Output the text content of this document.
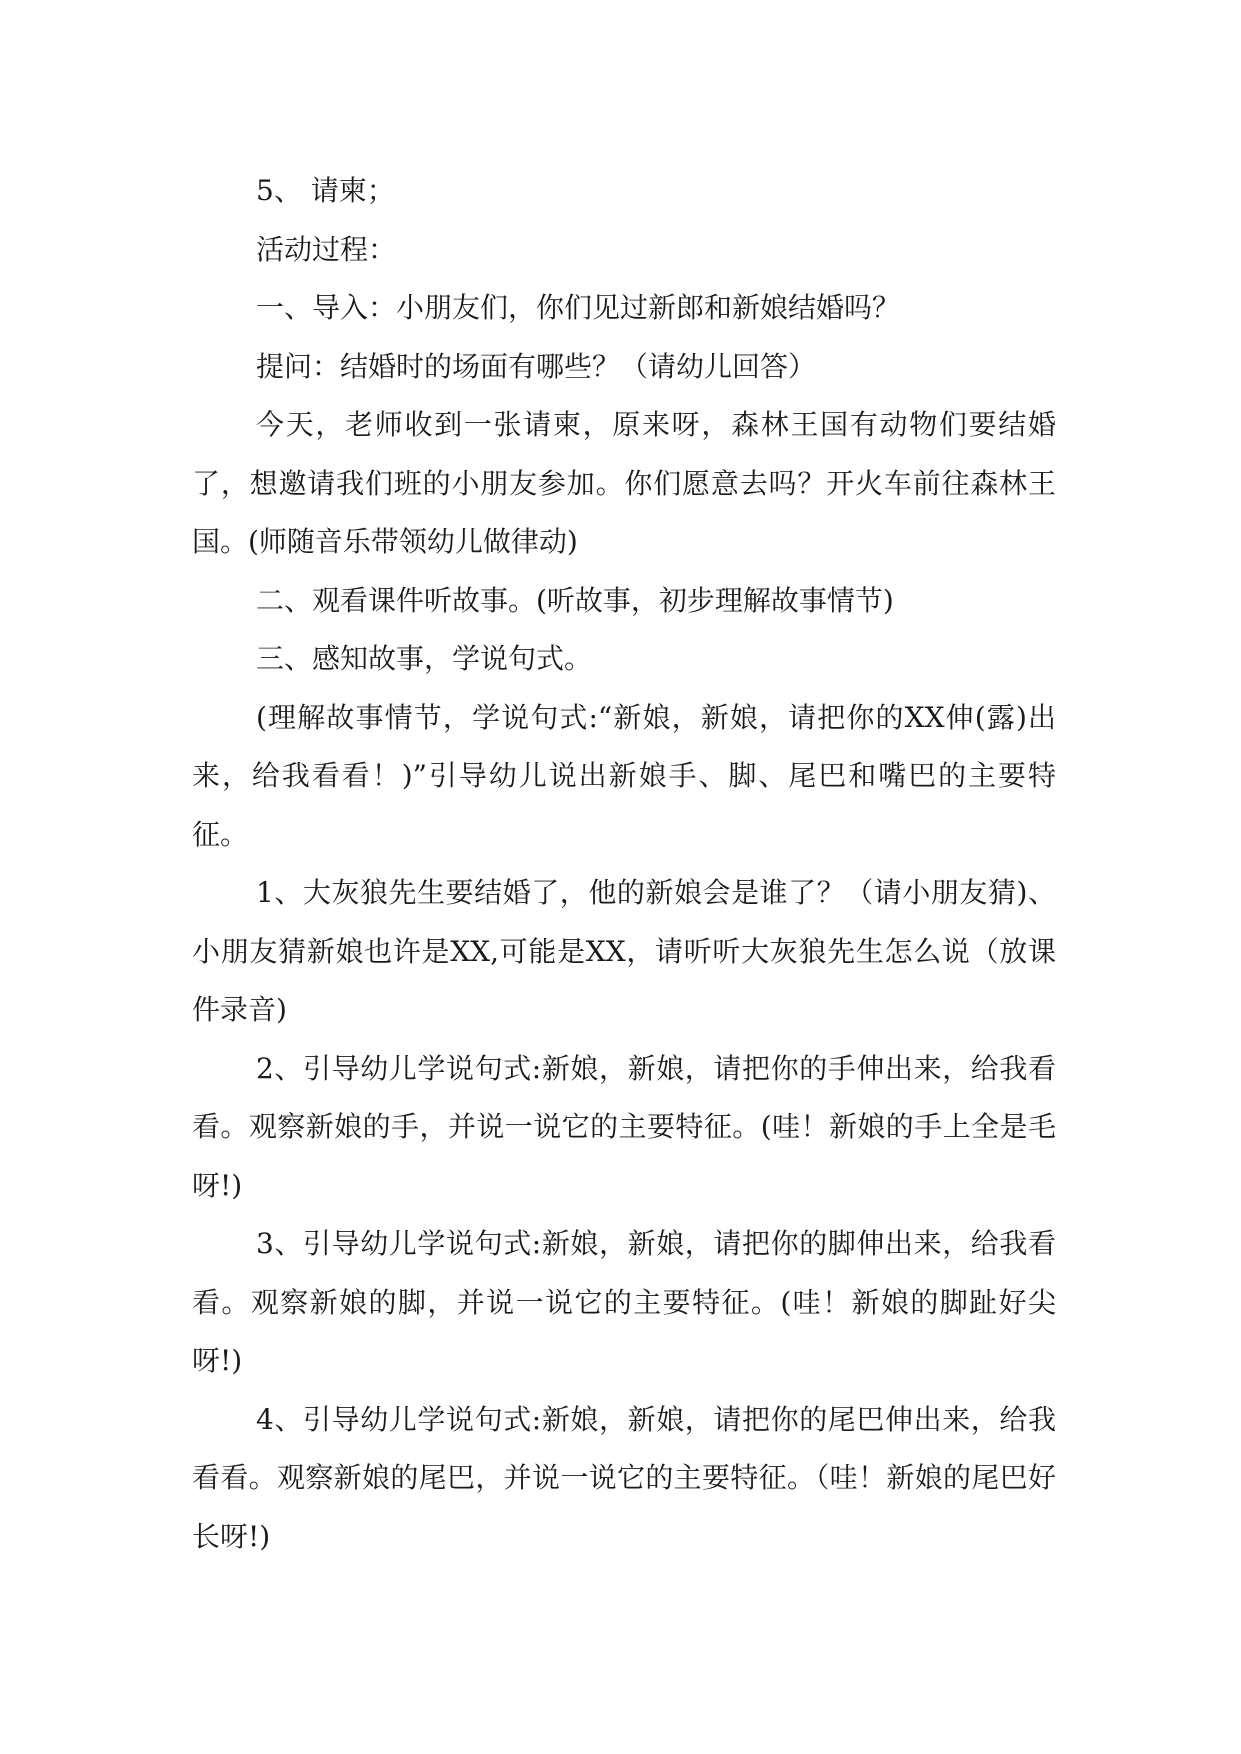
5、 请柬；

活动过程：

一、导入：小朋友们，你们见过新郎和新娘结婚吗？

提问：结婚时的场面有哪些？（请幼儿回答）

今天，老师收到一张请柬，原来呀，森林王国有动物们要结婚了，想邀请我们班的小朋友参加。你们愿意去吗？开火车前往森林王国。(师随音乐带领幼儿做律动)

二、观看课件听故事。(听故事，初步理解故事情节)

三、感知故事，学说句式。

(理解故事情节，学说句式:“新娘，新娘，请把你的XX伸(露)出来，给我看看！)”引导幼儿说出新娘手、脚、尾巴和嘴巴的主要特征。

1、大灰狼先生要结婚了，他的新娘会是谁了？（请小朋友猜)、小朋友猜新娘也许是XX,可能是XX，请听听大灰狼先生怎么说（放课件录音)

2、引导幼儿学说句式:新娘，新娘，请把你的手伸出来，给我看看。观察新娘的手，并说一说它的主要特征。(哇！新娘的手上全是毛呀!)

3、引导幼儿学说句式:新娘，新娘，请把你的脚伸出来，给我看看。观察新娘的脚，并说一说它的主要特征。(哇！新娘的脚趾好尖呀!)

4、引导幼儿学说句式:新娘，新娘，请把你的尾巴伸出来，给我看看。观察新娘的尾巴，并说一说它的主要特征。（哇！新娘的尾巴好长呀!)
